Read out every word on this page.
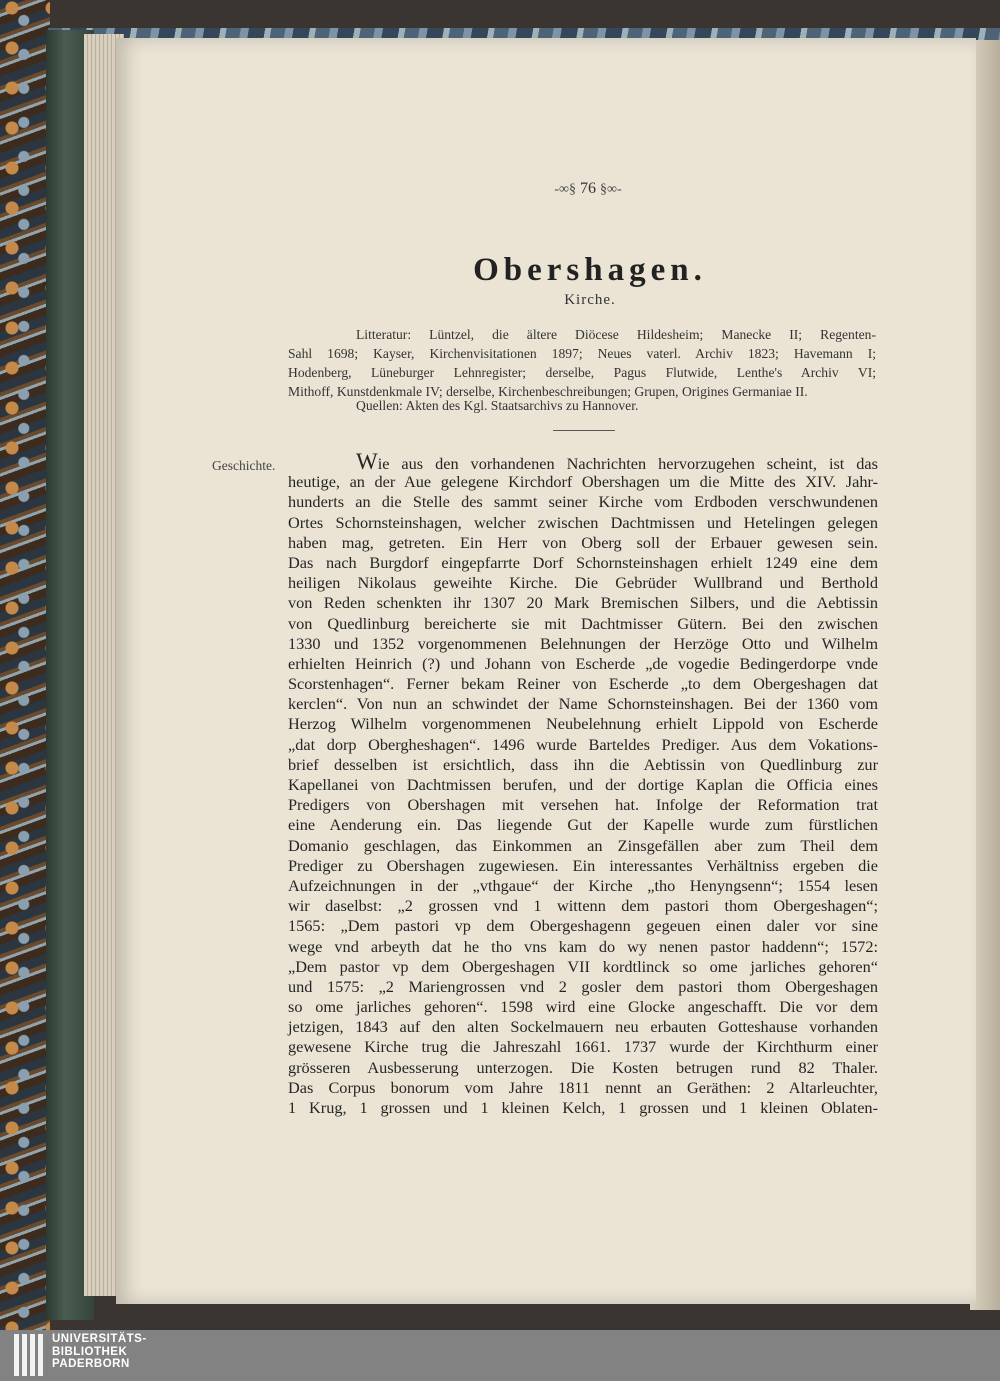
-∞§ 76 §∞-
Obershagen.
Kirche.

Litteratur: Lüntzel, die ältere Diöcese Hildesheim; Manecke II; Regenten-

Sahl 1698; Kayser, Kirchenvisitationen 1897; Neues vaterl. Archiv 1823; Havemann I;

Hodenberg, Lüneburger Lehnregister; derselbe, Pagus Flutwide, Lenthe's Archiv VI;

Mithoff, Kunstdenkmale IV; derselbe, Kirchenbeschreibungen; Grupen, Origines Germaniae II.

Quellen: Akten des Kgl. Staatsarchivs zu Hannover.
Geschichte.	Wie aus den vorhandenen Nachrichten hervorzugehen scheint, ist das
heutige, an der Aue gelegene Kirchdorf Obershagen um die Mitte des XIV. Jahr-
hunderts an die Stelle des sammt seiner Kirche vom Erdboden verschwundenen
Ortes Schornsteinshagen, welcher zwischen Dachtmissen und Hetelingen gelegen
haben mag, getreten. Ein Herr von Oberg soll der Erbauer gewesen sein.
Das nach Burgdorf eingepfarrte Dorf Schornsteinshagen erhielt 1249 eine dem
heiligen Nikolaus geweihte Kirche. Die Gebrüder Wullbrand und Berthold
von Reden schenkten ihr 1307 20 Mark Bremischen Silbers, und die Aebtissin
von Quedlinburg bereicherte sie mit Dachtmisser Gütern. Bei den zwischen
1330 und 1352 vorgenommenen Belehnungen der Herzöge Otto und Wilhelm
erhielten Heinrich (?) und Johann von Escherde „de vogedie Bedingerdorpe vnde
Scorstenhagen“. Ferner bekam Reiner von Escherde „to dem Obergeshagen dat
kerclen“. Von nun an schwindet der Name Schornsteinshagen. Bei der 1360 vom
Herzog Wilhelm vorgenommenen Neubelehnung erhielt Lippold von Escherde
„dat dorp Obergheshagen“. 1496 wurde Barteldes Prediger. Aus dem Vokations-
brief desselben ist ersichtlich, dass ihn die Aebtissin von Quedlinburg zur
Kapellanei von Dachtmissen berufen, und der dortige Kaplan die Officia eines
Predigers von Obershagen mit versehen hat. Infolge der Reformation trat
eine Aenderung ein. Das liegende Gut der Kapelle wurde zum fürstlichen
Domanio geschlagen, das Einkommen an Zinsgefällen aber zum Theil dem
Prediger zu Obershagen zugewiesen. Ein interessantes Verhältniss ergeben die
Aufzeichnungen in der „vthgaue“ der Kirche „tho Henyngsenn“; 1554 lesen
wir daselbst: „2 grossen vnd 1 wittenn dem pastori thom Obergeshagen“;
1565: „Dem pastori vp dem Obergeshagenn gegeuen einen daler vor sine
wege vnd arbeyth dat he tho vns kam do wy nenen pastor haddenn“; 1572:
„Dem pastor vp dem Obergeshagen VII kordtlinck so ome jarliches gehoren“
und 1575: „2 Mariengrossen vnd 2 gosler dem pastori thom Obergeshagen
so ome jarliches gehoren“. 1598 wird eine Glocke angeschafft. Die vor dem
jetzigen, 1843 auf den alten Sockelmauern neu erbauten Gotteshause vorhanden
gewesene Kirche trug die Jahreszahl 1661. 1737 wurde der Kirchthurm einer
grösseren Ausbesserung unterzogen. Die Kosten betrugen rund 82 Thaler.
Das Corpus bonorum vom Jahre 1811 nennt an Geräthen: 2 Altarleuchter,
1 Krug, 1 grossen und 1 kleinen Kelch, 1 grossen und 1 kleinen Oblaten-
UNIVERSITÄTS-
BIBLIOTHEK
PADERBORN
